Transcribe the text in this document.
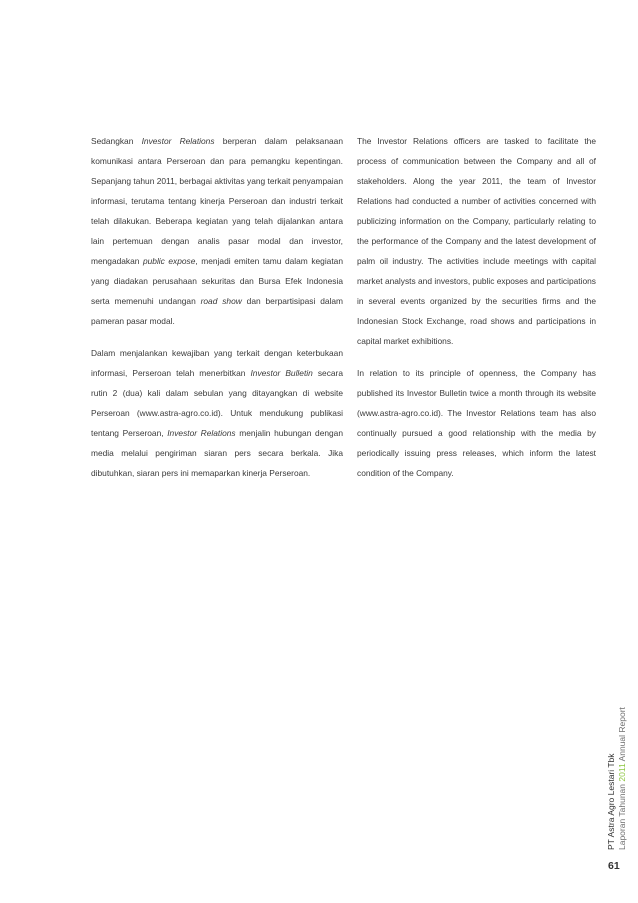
Sedangkan Investor Relations berperan dalam pelaksanaan komunikasi antara Perseroan dan para pemangku kepentingan. Sepanjang tahun 2011, berbagai aktivitas yang terkait penyampaian informasi, terutama tentang kinerja Perseroan dan industri terkait telah dilakukan. Beberapa kegiatan yang telah dijalankan antara lain pertemuan dengan analis pasar modal dan investor, mengadakan public expose, menjadi emiten tamu dalam kegiatan yang diadakan perusahaan sekuritas dan Bursa Efek Indonesia serta memenuhi undangan road show dan berpartisipasi dalam pameran pasar modal.

Dalam menjalankan kewajiban yang terkait dengan keterbukaan informasi, Perseroan telah menerbitkan Investor Bulletin secara rutin 2 (dua) kali dalam sebulan yang ditayangkan di website Perseroan (www.astra-agro.co.id). Untuk mendukung publikasi tentang Perseroan, Investor Relations menjalin hubungan dengan media melalui pengiriman siaran pers secara berkala. Jika dibutuhkan, siaran pers ini memaparkan kinerja Perseroan.

The Investor Relations officers are tasked to facilitate the process of communication between the Company and all of stakeholders. Along the year 2011, the team of Investor Relations had conducted a number of activities concerned with publicizing information on the Company, particularly relating to the performance of the Company and the latest development of palm oil industry. The activities include meetings with capital market analysts and investors, public exposes and participations in several events organized by the securities firms and the Indonesian Stock Exchange, road shows and participations in capital market exhibitions.

In relation to its principle of openness, the Company has published its Investor Bulletin twice a month through its website (www.astra-agro.co.id). The Investor Relations team has also continually pursued a good relationship with the media by periodically issuing press releases, which inform the latest condition of the Company.

PT Astra Agro Lestari Tbk Laporan Tahunan 2011 Annual Report
61
